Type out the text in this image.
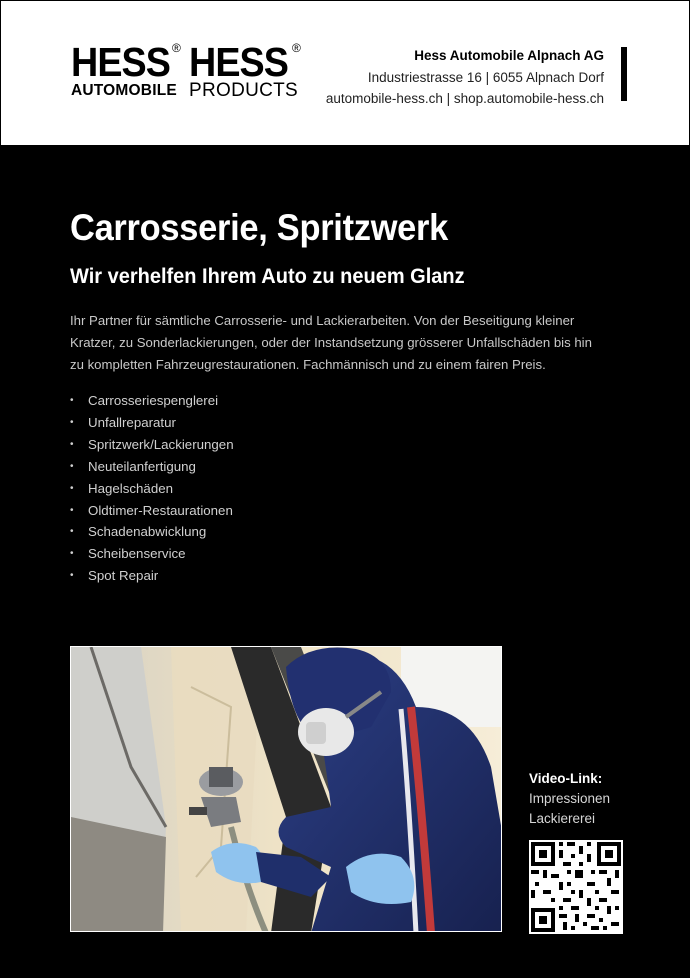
HESS
AUTOMOBILE
® HESS
PRODUCTS
®	Hess Automobile Alpnach AG
Industriestrasse 16 | 6055 Alpnach Dorf
automobile-hess.ch | shop.automobile-hess.ch
Carrosserie, Spritzwerk
Wir verhelfen Ihrem Auto zu neuem Glanz
Ihr Partner für sämtliche Carrosserie- und Lackierarbeiten. Von der Beseitigung kleiner
Kratzer, zu Sonderlackierungen, oder der Instandsetzung grösserer Unfallschäden bis hin
zu kompletten Fahrzeugrestaurationen. Fachmännisch und zu einem fairen Preis.
• Carrosseriespenglerei
• Unfallreparatur
• Spritzwerk/Lackierungen
• Neuteilanfertigung
• Hagelschäden
• Oldtimer-Restaurationen
• Schadenabwicklung
• Scheibenservice
• Spot Repair
Video-Link:
Impressionen
Lackiererei
